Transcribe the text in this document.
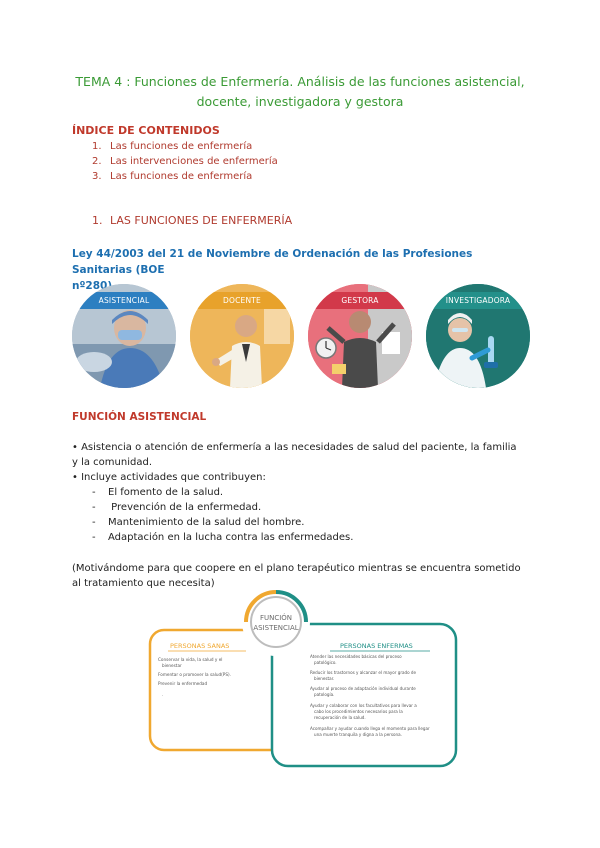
TEMA 4 : Funciones de Enfermería. Análisis de las funciones asistencial,
docente, investigadora y gestora
ÍNDICE DE CONTENIDOS
1. Las funciones de enfermería
2. Las intervenciones de enfermería
3. Las funciones de enfermería
1. LAS FUNCIONES DE ENFERMERÍA
Ley 44/2003 del 21 de Noviembre de Ordenación de las Profesiones Sanitarias (BOE
ASISTENCIAL	DOCENTE	GESTORA	INVESTIGADORA
FUNCIÓN ASISTENCIAL
• Asistencia o atención de enfermería a las necesidades de salud del paciente, la familia
y la comunidad.
• Incluye actividades que contribuyen:
- El fomento de la salud.
- Prevención de la enfermedad.
- Mantenimiento de la salud del hombre.
- Adaptación en la lucha contra las enfermedades.
(Motivándome para que coopere en el plano terapéutico mientras se encuentra sometido
al tratamiento que necesita)
FUNCIÓN
ASISTENCIAL
PERSONAS SANAS
Conservar la vida, la salud y el
bienestar
Fomentar o promover la salud(PS).
Prevenir la enfermedad
.
PERSONAS ENFERMAS
Atender las necesidades básicas del proceso
patológico.
Reducir los trastornos y alcanzar el mayor grado de
bienestar.
Ayudar al proceso de adaptación individual durante
patología.
Ayudar y colaborar con los facultativos para llevar a
cabo los procedimientos necesarios para la
recuperación de la salud.
Acompañar y ayudar cuando llega el momento para llegar
una muerte tranquila y digna a la persona.
